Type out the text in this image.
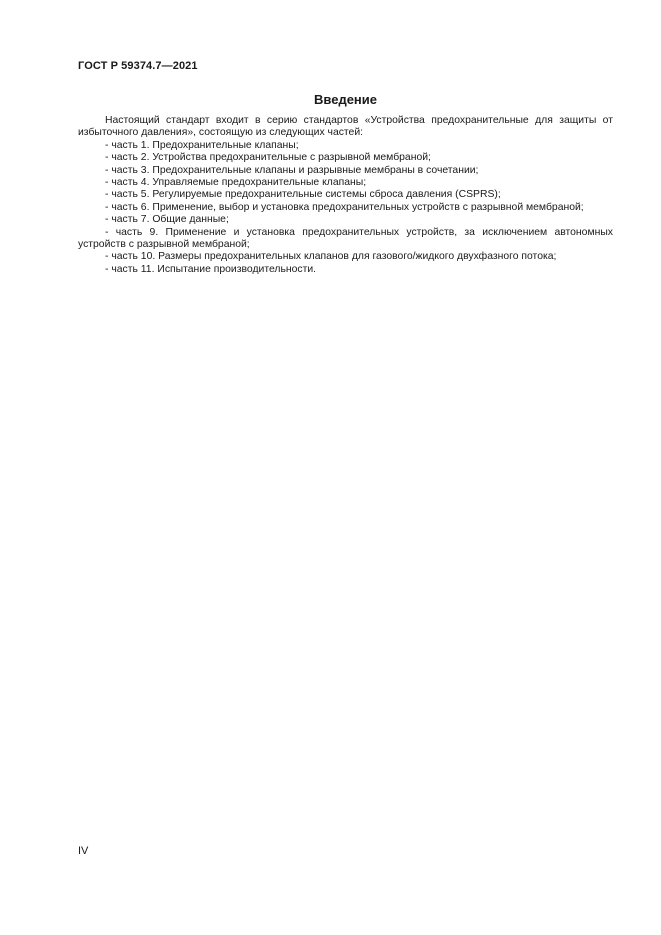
ГОСТ Р 59374.7—2021
Введение

Настоящий стандарт входит в серию стандартов «Устройства предохранительные для защиты от избыточного давления», состоящую из следующих частей:

- часть 1. Предохранительные клапаны;

- часть 2. Устройства предохранительные с разрывной мембраной;

- часть 3. Предохранительные клапаны и разрывные мембраны в сочетании;

- часть 4. Управляемые предохранительные клапаны;

- часть 5. Регулируемые предохранительные системы сброса давления (CSPRS);

- часть 6. Применение, выбор и установка предохранительных устройств с разрывной мембраной;

- часть 7. Общие данные;

- часть 9. Применение и установка предохранительных устройств, за исключением автономных устройств с разрывной мембраной;

- часть 10. Размеры предохранительных клапанов для газового/жидкого двухфазного потока;

- часть 11. Испытание производительности.

IV
